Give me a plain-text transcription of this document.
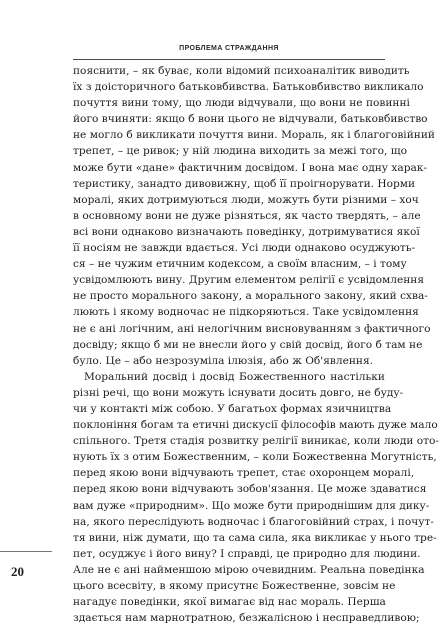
ПРОБЛЕМА СТРАЖДАННЯ
пояснити, – як буває, коли відомий психоаналітик виводить
їх з доісторичного батьковбивства. Батьковбивство викликало
почуття вини тому, що люди відчували, що вони не повинні
його вчиняти: якщо б вони цього не відчували, батьковбивство
не могло б викликати почуття вини. Мораль, як і благоговійний
трепет, – це ривок; у ній людина виходить за межі того, що
може бути «дане» фактичним досвідом. І вона має одну харак-
теристику, занадто дивовижну, щоб її проігнорувати. Норми
моралі, яких дотримуються люди, можуть бути різними – хоч
в основному вони не дуже різняться, як часто твердять, – але
всі вони однаково визначають поведінку, дотримуватися якої
її носіям не завжди вдається. Усі люди однаково осуджують-
ся – не чужим етичним кодексом, а своїм власним, – і тому
усвідомлюють вину. Другим елементом релігії є усвідомлення
не просто морального закону, а морального закону, який схва-
люють і якому водночас не підкоряються. Таке усвідомлення
не є ані логічним, ані нелогічним висновуванням з фактичного
досвіду; якщо б ми не внесли його у свій досвід, його б там не
було. Це – або незрозуміла ілюзія, або ж Об'явлення.
Моральний досвід і досвід Божественного настільки
різні речі, що вони можуть існувати досить довго, не буду-
чи у контакті між собою. У багатьох формах язичництва
поклоніння богам та етичні дискусії філософів мають дуже мало
спільного. Третя стадія розвитку релігії виникає, коли люди ото-
нують їх з отим Божественним, – коли Божественна Могутність,
перед якою вони відчувають трепет, стає охоронцем моралі,
перед якою вони відчувають зобов'язання. Це може здаватися
вам дуже «природним». Що може бути природнішим для дику-
на, якого переслідують водночас і благоговійний страх, і почут-
тя вини, ніж думати, що та сама сила, яка викликає у нього тре-
пет, осуджує і його вину? І справді, це природно для людини.
Але не є ані найменшою мірою очевидним. Реальна поведінка
цього всесвіту, в якому присутнє Божественне, зовсім не
нагадує поведінки, якої вимагає від нас мораль. Перша
здається нам марнотратною, безжалісною і несправедливою;
20
